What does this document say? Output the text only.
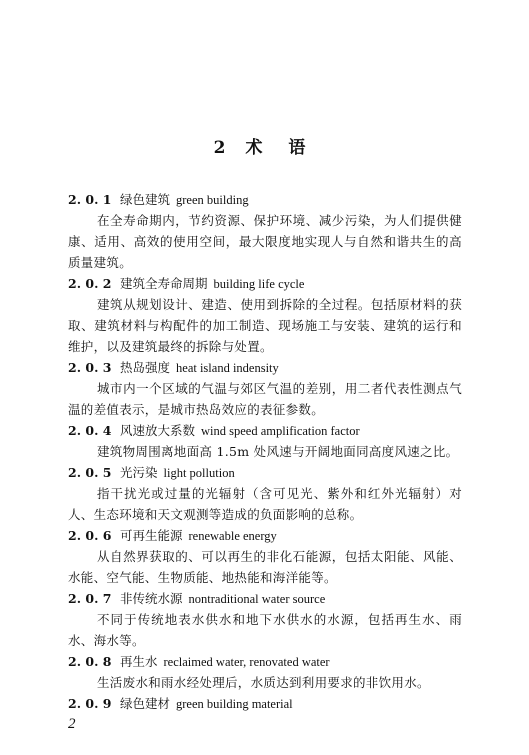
2 术 语
2. 0. 1 绿色建筑 green building

在全寿命期内，节约资源、保护环境、减少污染，为人们提供健康、适用、高效的使用空间，最大限度地实现人与自然和谐共生的高质量建筑。

2. 0. 2 建筑全寿命周期 building life cycle

建筑从规划设计、建造、使用到拆除的全过程。包括原材料的获取、建筑材料与构配件的加工制造、现场施工与安装、建筑的运行和维护，以及建筑最终的拆除与处置。

2. 0. 3 热岛强度 heat island indensity

城市内一个区域的气温与郊区气温的差别，用二者代表性测点气温的差值表示，是城市热岛效应的表征参数。

2. 0. 4 风速放大系数 wind speed amplification factor

建筑物周围离地面高 1.5m 处风速与开阔地面同高度风速之比。

2. 0. 5 光污染 light pollution

指干扰光或过量的光辐射（含可见光、紫外和红外光辐射）对人、生态环境和天文观测等造成的负面影响的总称。

2. 0. 6 可再生能源 renewable energy

从自然界获取的、可以再生的非化石能源，包括太阳能、风能、水能、空气能、生物质能、地热能和海洋能等。

2. 0. 7 非传统水源 nontraditional water source

不同于传统地表水供水和地下水供水的水源，包括再生水、雨水、海水等。

2. 0. 8 再生水 reclaimed water, renovated water

生活废水和雨水经处理后，水质达到利用要求的非饮用水。

2. 0. 9 绿色建材 green building material
2
